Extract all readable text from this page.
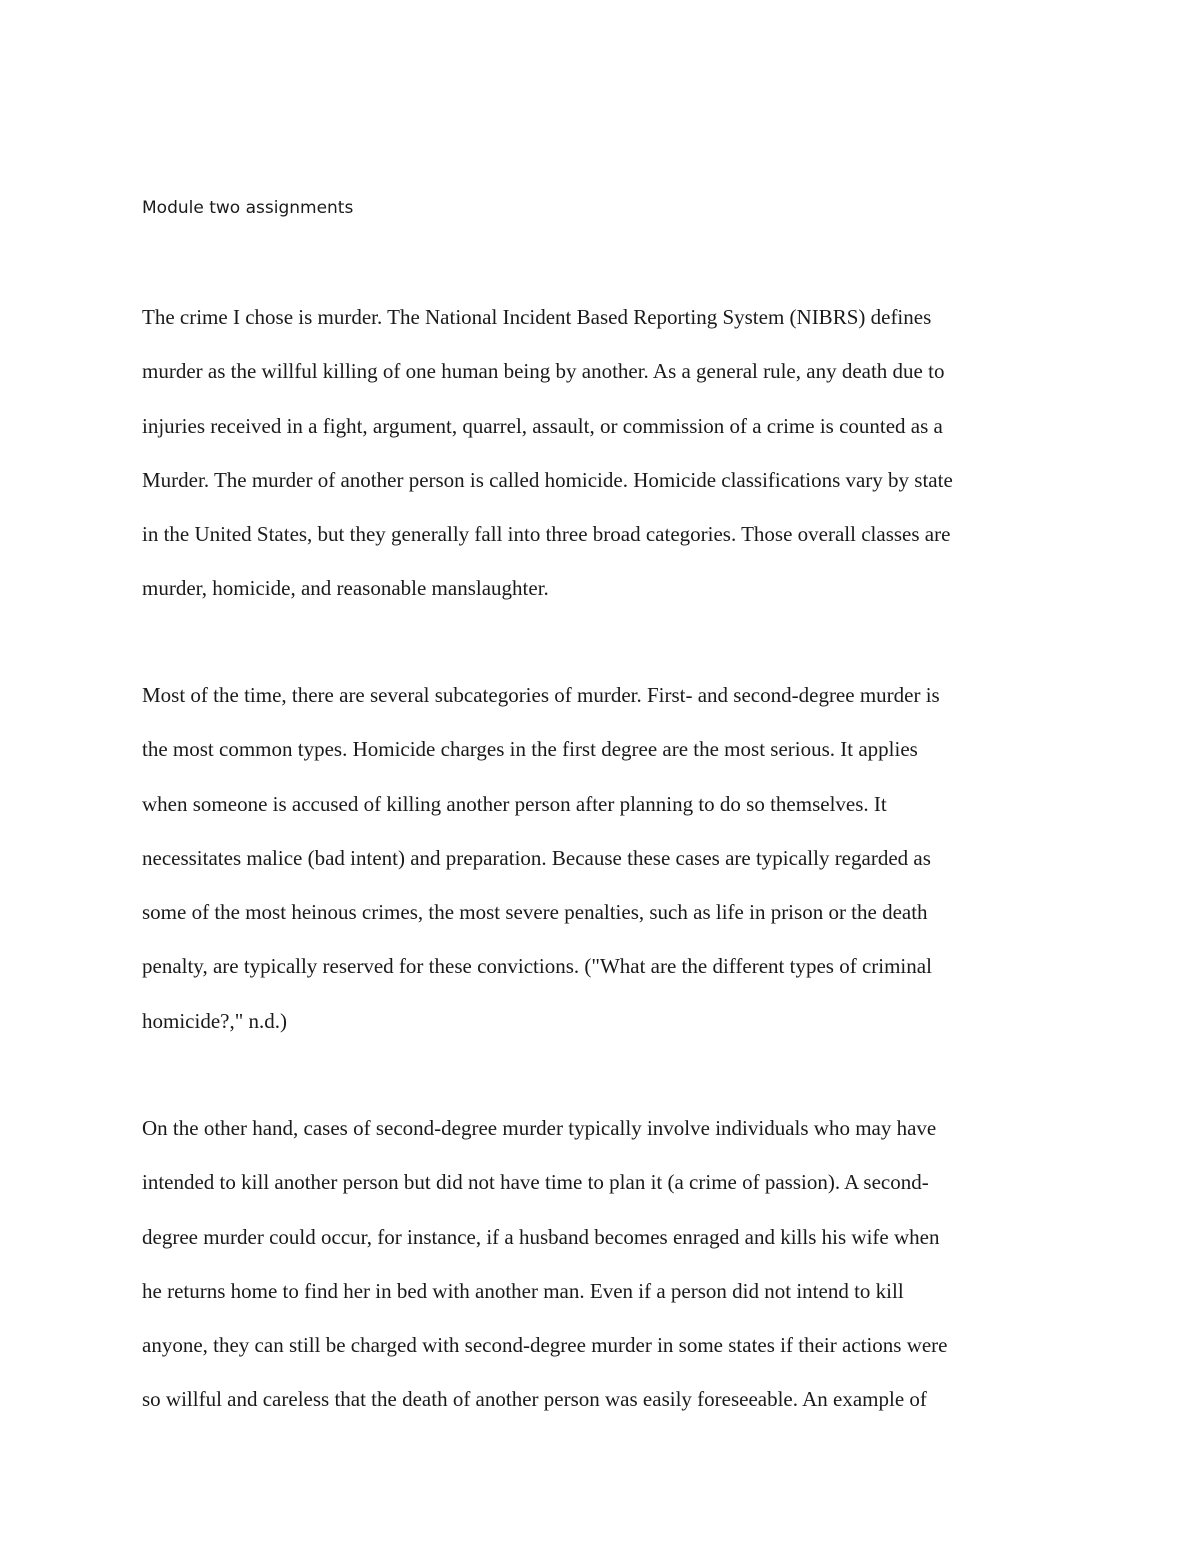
Module two assignments
The crime I chose is murder. The National Incident Based Reporting System (NIBRS) defines
murder as the willful killing of one human being by another. As a general rule, any death due to
injuries received in a fight, argument, quarrel, assault, or commission of a crime is counted as a
Murder. The murder of another person is called homicide. Homicide classifications vary by state
in the United States, but they generally fall into three broad categories. Those overall classes are
murder, homicide, and reasonable manslaughter.
Most of the time, there are several subcategories of murder. First- and second-degree murder is
the most common types. Homicide charges in the first degree are the most serious. It applies
when someone is accused of killing another person after planning to do so themselves. It
necessitates malice (bad intent) and preparation. Because these cases are typically regarded as
some of the most heinous crimes, the most severe penalties, such as life in prison or the death
penalty, are typically reserved for these convictions. ("What are the different types of criminal
homicide?," n.d.)
On the other hand, cases of second-degree murder typically involve individuals who may have
intended to kill another person but did not have time to plan it (a crime of passion). A second-
degree murder could occur, for instance, if a husband becomes enraged and kills his wife when
he returns home to find her in bed with another man. Even if a person did not intend to kill
anyone, they can still be charged with second-degree murder in some states if their actions were
so willful and careless that the death of another person was easily foreseeable. An example of
